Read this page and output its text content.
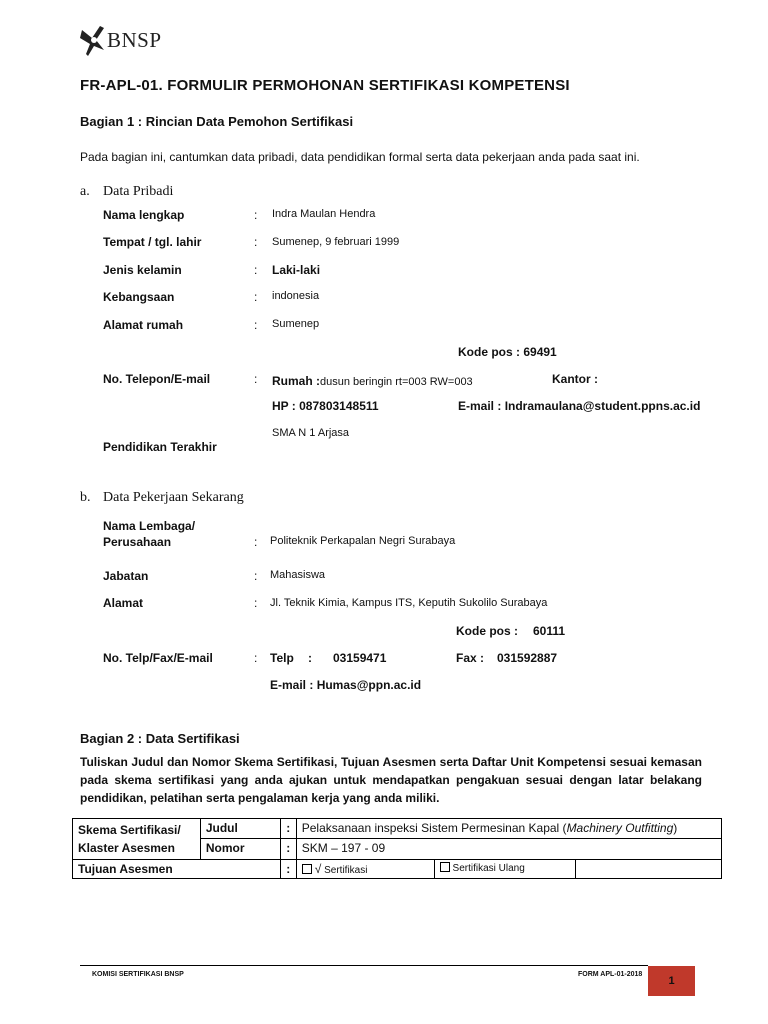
BNSP
FR-APL-01. FORMULIR PERMOHONAN SERTIFIKASI KOMPETENSI
Bagian 1 : Rincian Data Pemohon Sertifikasi
Pada bagian ini, cantumkan data pribadi, data pendidikan formal serta data pekerjaan anda pada saat ini.
a. Data Pribadi
Nama lengkap	: Indra Maulan Hendra
Tempat / tgl. lahir	: Sumenep, 9 februari 1999
Jenis kelamin	: Laki-laki
Kebangsaan	: indonesia
Alamat rumah	: Sumenep
Kode pos : 69491
No. Telepon/E-mail	: Rumah :dusun beringin rt=003 RW=003	Kantor :
HP : 087803148511	E-mail : Indramaulana@student.ppns.ac.id
SMA N 1 Arjasa
Pendidikan Terakhir
b. Data Pekerjaan Sekarang
Nama Lembaga/
Perusahaan	: Politeknik Perkapalan Negri Surabaya
Jabatan	: Mahasiswa
Alamat	: Jl. Teknik Kimia, Kampus ITS, Keputih Sukolilo Surabaya
Kode pos : 60111
No. Telp/Fax/E-mail	: Telp : 03159471	Fax : 031592887
E-mail : Humas@ppn.ac.id
Bagian 2 : Data Sertifikasi
Tuliskan Judul dan Nomor Skema Sertifikasi, Tujuan Asesmen serta Daftar Unit Kompetensi sesuai kemasan pada skema sertifikasi yang anda ajukan untuk mendapatkan pengakuan sesuai dengan latar belakang pendidikan, pelatihan serta pengalaman kerja yang anda miliki.
Skema Sertifikasi/
Klaster Asesmen	Judul	:	Pelaksanaan inspeksi Sistem Permesinan Kapal (Machinery Outfitting)		
	Nomor	:	SKM – 197 - 09		
Tujuan Asesmen		:	√ Sertifikasi	Sertifikasi Ulang	
KOMISI SERTIFIKASI BNSP	FORM APL-01-2018
1
